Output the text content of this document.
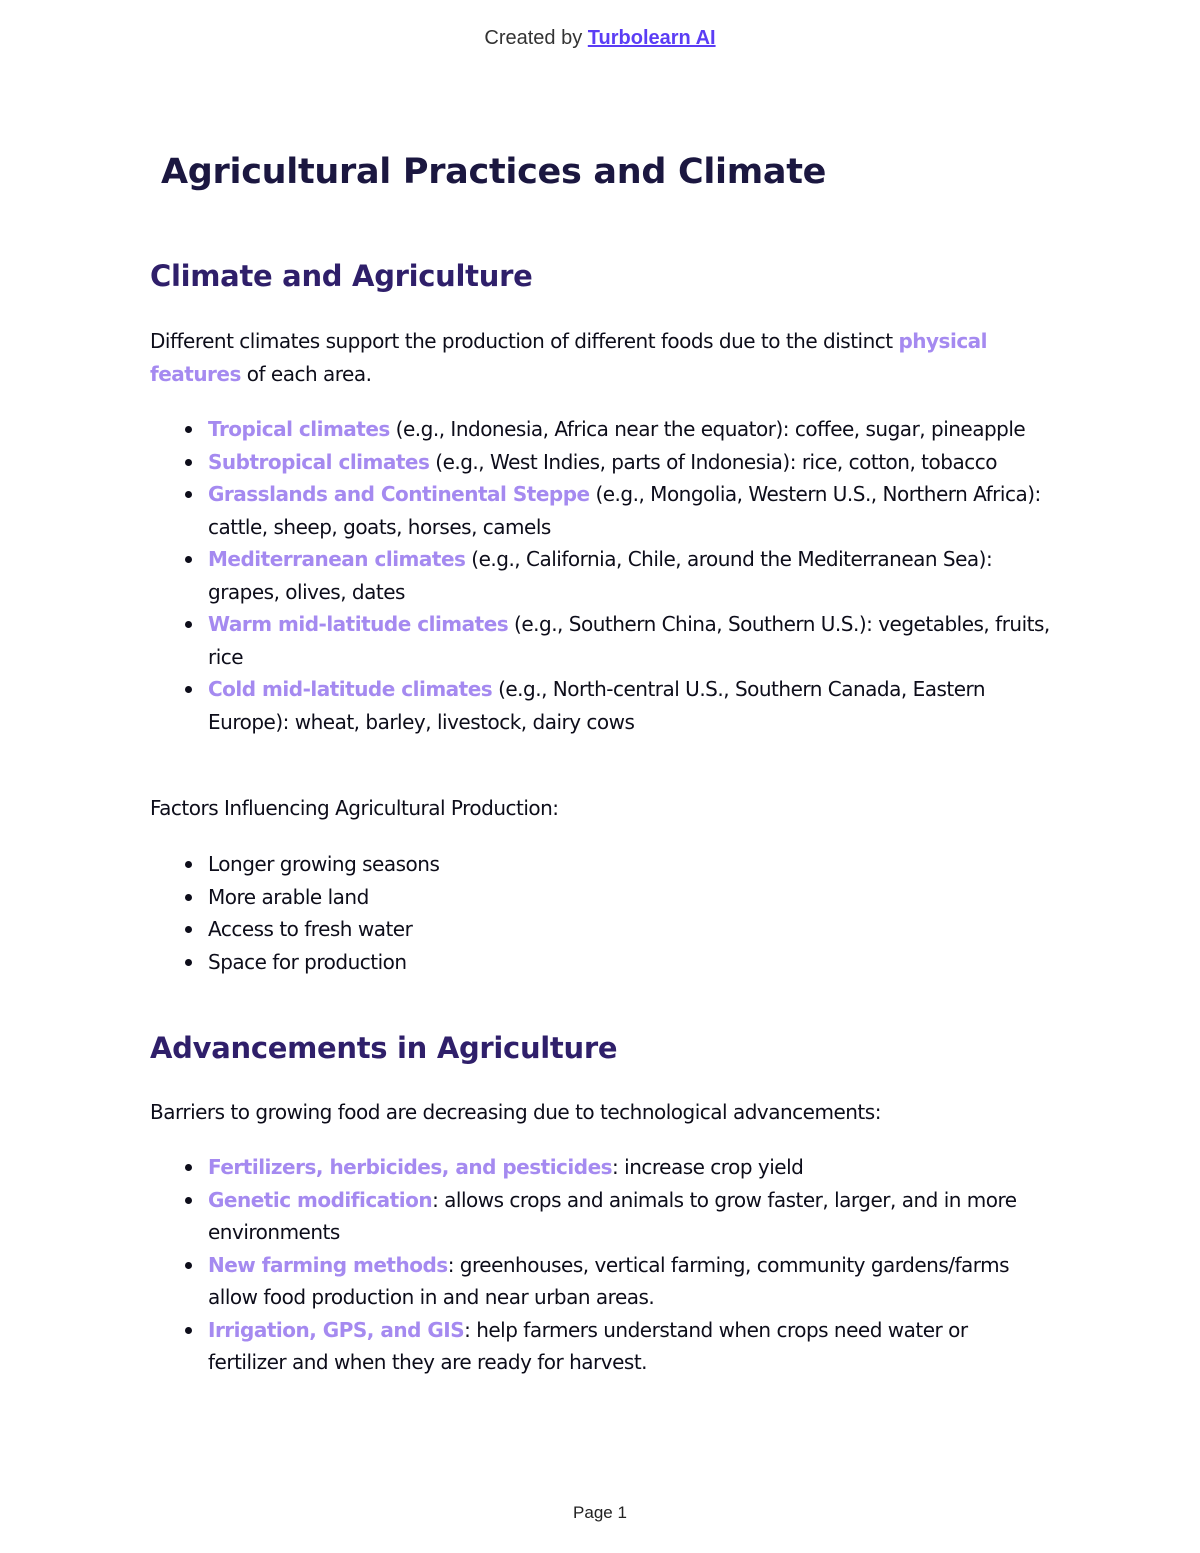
Created by Turbolearn AI
Agricultural Practices and Climate
Climate and Agriculture

Different climates support the production of different foods due to the distinct physical features of each area.

Tropical climates (e.g., Indonesia, Africa near the equator): coffee, sugar, pineapple
Subtropical climates (e.g., West Indies, parts of Indonesia): rice, cotton, tobacco
Grasslands and Continental Steppe (e.g., Mongolia, Western U.S., Northern Africa): cattle, sheep, goats, horses, camels
Mediterranean climates (e.g., California, Chile, around the Mediterranean Sea): grapes, olives, dates
Warm mid-latitude climates (e.g., Southern China, Southern U.S.): vegetables, fruits, rice
Cold mid-latitude climates (e.g., North-central U.S., Southern Canada, Eastern Europe): wheat, barley, livestock, dairy cows

Factors Influencing Agricultural Production:

Longer growing seasons
More arable land
Access to fresh water
Space for production
Advancements in Agriculture

Barriers to growing food are decreasing due to technological advancements:

Fertilizers, herbicides, and pesticides: increase crop yield
Genetic modification: allows crops and animals to grow faster, larger, and in more environments
New farming methods: greenhouses, vertical farming, community gardens/farms allow food production in and near urban areas.
Irrigation, GPS, and GIS: help farmers understand when crops need water or fertilizer and when they are ready for harvest.
Page 1
